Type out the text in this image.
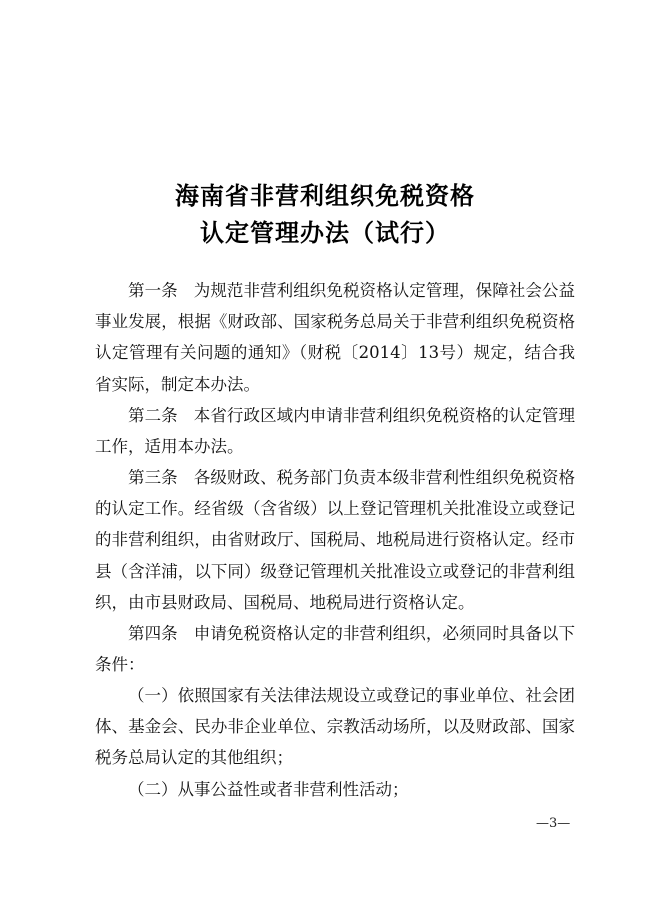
海南省非营利组织免税资格
认定管理办法（试行）

第一条 为规范非营利组织免税资格认定管理，保障社会公益事业发展，根据《财政部、国家税务总局关于非营利组织免税资格认定管理有关问题的通知》（财税〔2014〕13号）规定，结合我省实际，制定本办法。

第二条 本省行政区域内申请非营利组织免税资格的认定管理工作，适用本办法。

第三条 各级财政、税务部门负责本级非营利性组织免税资格的认定工作。经省级（含省级）以上登记管理机关批准设立或登记的非营利组织，由省财政厅、国税局、地税局进行资格认定。经市县（含洋浦，以下同）级登记管理机关批准设立或登记的非营利组织，由市县财政局、国税局、地税局进行资格认定。

第四条 申请免税资格认定的非营利组织，必须同时具备以下条件：

（一）依照国家有关法律法规设立或登记的事业单位、社会团体、基金会、民办非企业单位、宗教活动场所，以及财政部、国家税务总局认定的其他组织；

（二）从事公益性或者非营利性活动；

—3—
